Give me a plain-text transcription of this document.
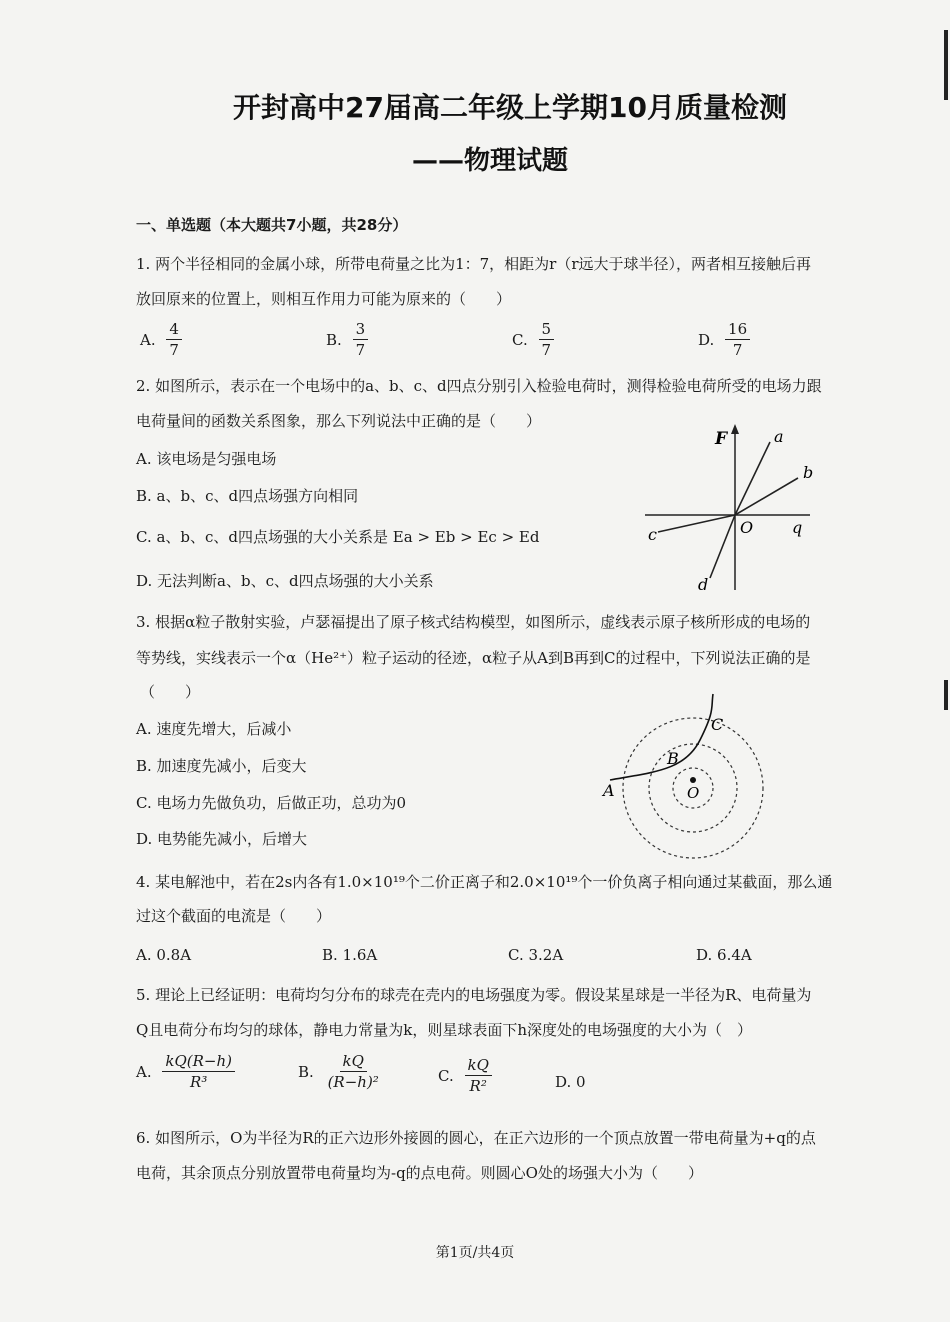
开封高中27届高二年级上学期10月质量检测
——物理试题
一、单选题（本大题共7小题，共28分）
1. 两个半径相同的金属小球，所带电荷量之比为1：7，相距为r（r远大于球半径），两者相互接触后再
放回原来的位置上，则相互作用力可能为原来的（　　）
A. $\frac{4}{7}$	B. $\frac{3}{7}$	C. $\frac{5}{7}$	D. $\frac{16}{7}$
2. 如图所示，表示在一个电场中的a、b、c、d四点分别引入检验电荷时，测得检验电荷所受的电场力跟
电荷量间的函数关系图象，那么下列说法中正确的是（　　）
A. 该电场是匀强电场
B. a、b、c、d四点场强方向相同
C. a、b、c、d四点场强的大小关系是 Ea > Eb > Ec > Ed
D. 无法判断a、b、c、d四点场强的大小关系
F	a
b
O q
c
d
3. 根据α粒子散射实验，卢瑟福提出了原子核式结构模型，如图所示，虚线表示原子核所形成的电场的
等势线，实线表示一个α（He²⁺）粒子运动的径迹，α粒子从A到B再到C的过程中，下列说法正确的是
（　　）
A. 速度先增大，后减小
B. 加速度先减小，后变大
C. 电场力先做负功，后做正功，总功为0
D. 电势能先减小，后增大
A
B
C
O
4. 某电解池中，若在2s内各有1.0×10¹⁹个二价正离子和2.0×10¹⁹个一价负离子相向通过某截面，那么通
过这个截面的电流是（　　）
A. 0.8A	B. 1.6A	C. 3.2A	D. 6.4A
5. 理论上已经证明：电荷均匀分布的球壳在壳内的电场强度为零。假设某星球是一半径为R、电荷量为
Q且电荷分布均匀的球体，静电力常量为k，则星球表面下h深度处的电场强度的大小为（　）
A. $\frac{kQ(R-h)}{\text{R³}}$	B. $\frac{kQ}{\text{(R−h)²}}$	C. $\frac{kQ}{\text{R²}}$	D. 0
6. 如图所示，O为半径为R的正六边形外接圆的圆心，在正六边形的一个顶点放置一带电荷量为+q的点
电荷，其余顶点分别放置带电荷量均为-q的点电荷。则圆心O处的场强大小为（　　）
第1页/共4页
